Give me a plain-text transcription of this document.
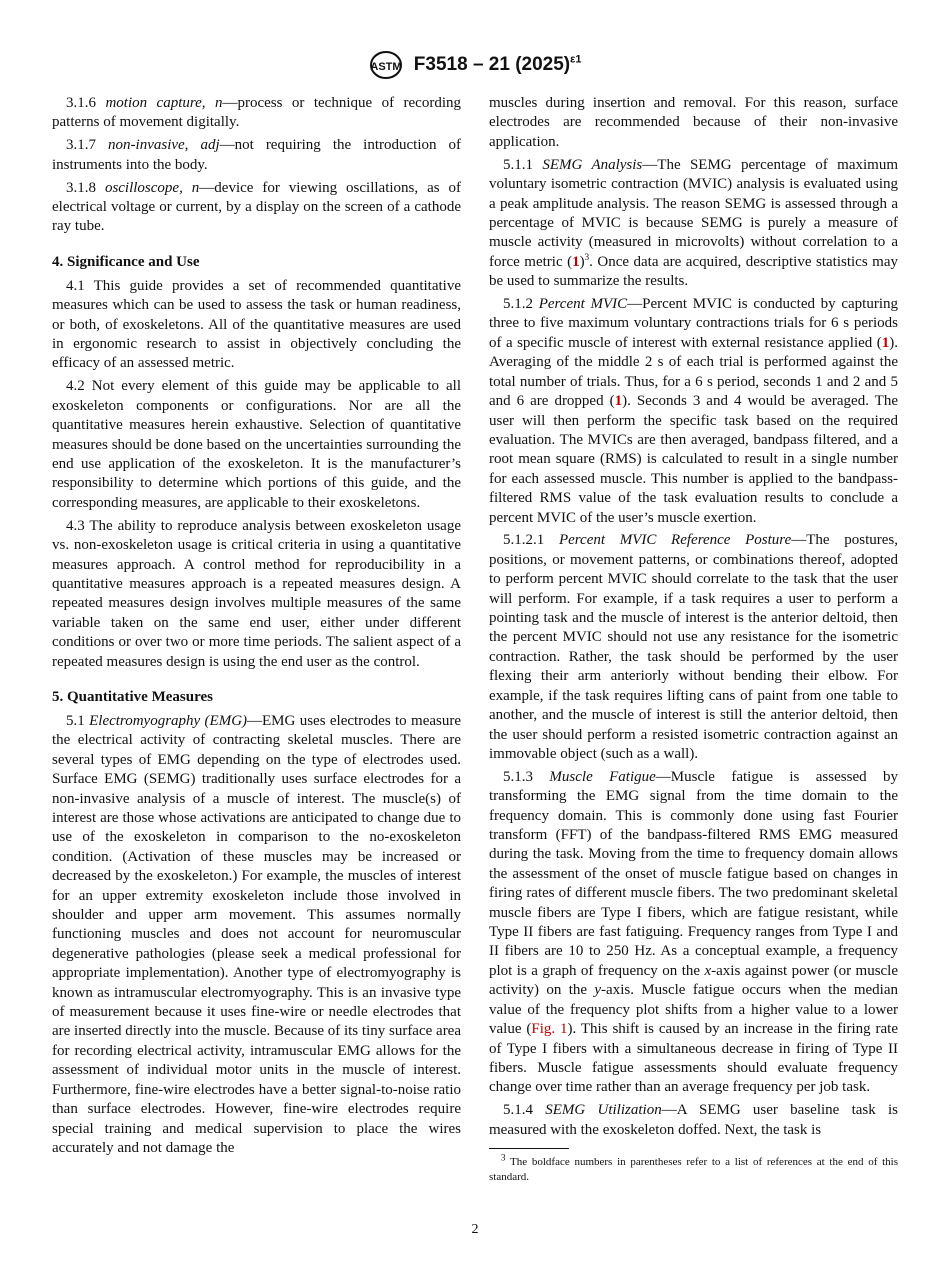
ASTM F3518 – 21 $(2025)^{\varepsilon 1}$

3.1.6 motion capture, n—process or technique of recording patterns of movement digitally.

3.1.7 non-invasive, adj—not requiring the introduction of instruments into the body.

3.1.8 oscilloscope, n—device for viewing oscillations, as of electrical voltage or current, by a display on the screen of a cathode ray tube.

4. Significance and Use

4.1 This guide provides a set of recommended quantitative measures which can be used to assess the task or human readiness, or both, of exoskeletons. All of the quantitative measures are used in ergonomic research to assist in objectively concluding the efficacy of an assessed metric.

4.2 Not every element of this guide may be applicable to all exoskeleton components or configurations. Nor are all the quantitative measures herein exhaustive. Selection of quantitative measures should be done based on the uncertainties surrounding the end use application of the exoskeleton. It is the manufacturer’s responsibility to determine which portions of this guide, and the corresponding measures, are applicable to their exoskeletons.

4.3 The ability to reproduce analysis between exoskeleton usage vs. non-exoskeleton usage is critical criteria in using a quantitative measures approach. A control method for reproducibility in a quantitative measures approach is a repeated measures design. A repeated measures design involves multiple measures of the same variable taken on the same end user, either under different conditions or over two or more time periods. The salient aspect of a repeated measures design is using the end user as the control.

5. Quantitative Measures

5.1 Electromyography (EMG)—EMG uses electrodes to measure the electrical activity of contracting skeletal muscles. There are several types of EMG depending on the type of electrodes used. Surface EMG (SEMG) traditionally uses surface electrodes for a non-invasive analysis of a muscle of interest. The muscle(s) of interest are those whose activations are anticipated to change due to use of the exoskeleton in comparison to the no-exoskeleton condition. (Activation of these muscles may be increased or decreased by the exoskeleton.) For example, the muscles of interest for an upper extremity exoskeleton include those involved in shoulder and upper arm movement. This assumes normally functioning muscles and does not account for neuromuscular degenerative pathologies (please seek a medical professional for appropriate implementation). Another type of electromyography is known as intramuscular electromyography. This is an invasive type of measurement because it uses fine-wire or needle electrodes that are inserted directly into the muscle. Because of its tiny surface area for recording electrical activity, intramuscular EMG allows for the assessment of individual motor units in the muscle of interest. Furthermore, fine-wire electrodes have a better signal-to-noise ratio than surface electrodes. However, fine-wire electrodes require special training and medical supervision to place the wires accurately and not damage the

muscles during insertion and removal. For this reason, surface electrodes are recommended because of their non-invasive application.

5.1.1 SEMG Analysis—The SEMG percentage of maximum voluntary isometric contraction (MVIC) analysis is evaluated using a peak amplitude analysis. The reason SEMG is assessed through a percentage of MVIC is because SEMG is purely a measure of muscle activity (measured in microvolts) without correlation to a force metric $(1)^3$. Once data are acquired, descriptive statistics may be used to summarize the results.

5.1.2 Percent MVIC—Percent MVIC is conducted by capturing three to five maximum voluntary contractions trials for 6 s periods of a specific muscle of interest with external resistance applied (1). Averaging of the middle 2 s of each trial is performed against the total number of trials. Thus, for a 6 s period, seconds 1 and 2 and 5 and 6 are dropped (1). Seconds 3 and 4 would be averaged. The user will then perform the specific task based on the required evaluation. The MVICs are then averaged, bandpass filtered, and a root mean square (RMS) is calculated to result in a single number for each assessed muscle. This number is applied to the bandpass-filtered RMS value of the task evaluation results to conclude a percent MVIC of the user’s muscle exertion.

5.1.2.1 Percent MVIC Reference Posture—The postures, positions, or movement patterns, or combinations thereof, adopted to perform percent MVIC should correlate to the task that the user will perform. For example, if a task requires a user to perform a pointing task and the muscle of interest is the anterior deltoid, then the percent MVIC should not use any resistance for the isometric contraction. Rather, the task should be performed by the user flexing their arm anteriorly without bending their elbow. For example, if the task requires lifting cans of paint from one table to another, and the muscle of interest is still the anterior deltoid, then the user should perform a resisted isometric contraction against an immovable object (such as a wall).

5.1.3 Muscle Fatigue—Muscle fatigue is assessed by transforming the EMG signal from the time domain to the frequency domain. This is commonly done using fast Fourier transform (FFT) of the bandpass-filtered RMS EMG measured during the task. Moving from the time to frequency domain allows the assessment of the onset of muscle fatigue based on changes in firing rates of different muscle fibers. The two predominant skeletal muscle fibers are Type I fibers, which are fatigue resistant, while Type II fibers are fast fatiguing. Frequency ranges from Type I and II fibers are 10 to 250 Hz. As a conceptual example, a frequency plot is a graph of frequency on the x-axis against power (or muscle activity) on the y-axis. Muscle fatigue occurs when the median value of the frequency plot shifts from a higher value to a lower value (Fig. 1). This shift is caused by an increase in the firing rate of Type I fibers with a simultaneous decrease in firing of Type II fibers. Muscle fatigue assessments should evaluate frequency change over time rather than an average frequency per job task.

5.1.4 SEMG Utilization—A SEMG user baseline task is measured with the exoskeleton doffed. Next, the task is

$^3$ The boldface numbers in parentheses refer to a list of references at the end of this standard.

2
